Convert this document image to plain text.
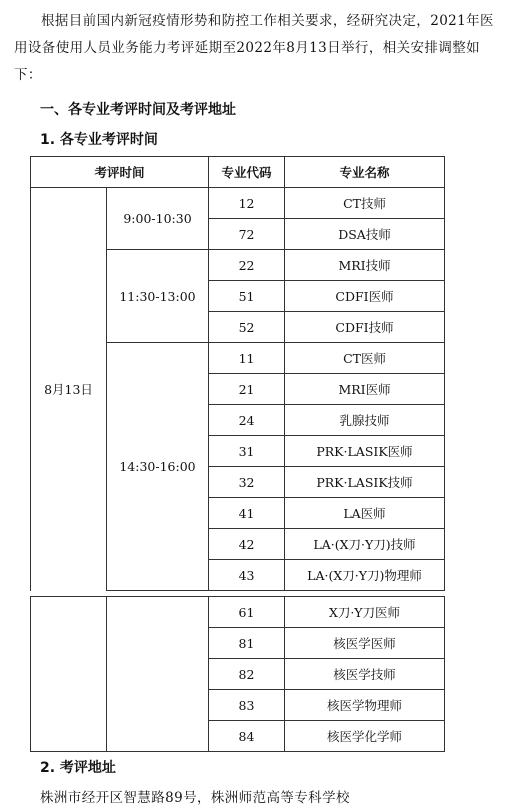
根据目前国内新冠疫情形势和防控工作相关要求，经研究决定，2021年医用设备使用人员业务能力考评延期至2022年8月13日举行，相关安排调整如下：

一、各专业考评时间及考评地址

1. 各专业考评时间

考评时间		专业代码	专业名称
8月13日	9:00-10:30	12	CT技师
		72	DSA技师
	11:30-13:00	22	MRI技师
		51	CDFI医师
		52	CDFI技师
	14:30-16:00	11	CT医师
		21	MRI医师
		24	乳腺技师
		31	PRK·LASIK医师
		32	PRK·LASIK技师
		41	LA医师
		42	LA·(X刀·Y刀)技师
		43	LA·(X刀·Y刀)物理师
		61	X刀·Y刀医师
		81	核医学医师
		82	核医学技师
		83	核医学物理师
		84	核医学化学师

2. 考评地址

株洲市经开区智慧路89号，株洲师范高等专科学校
